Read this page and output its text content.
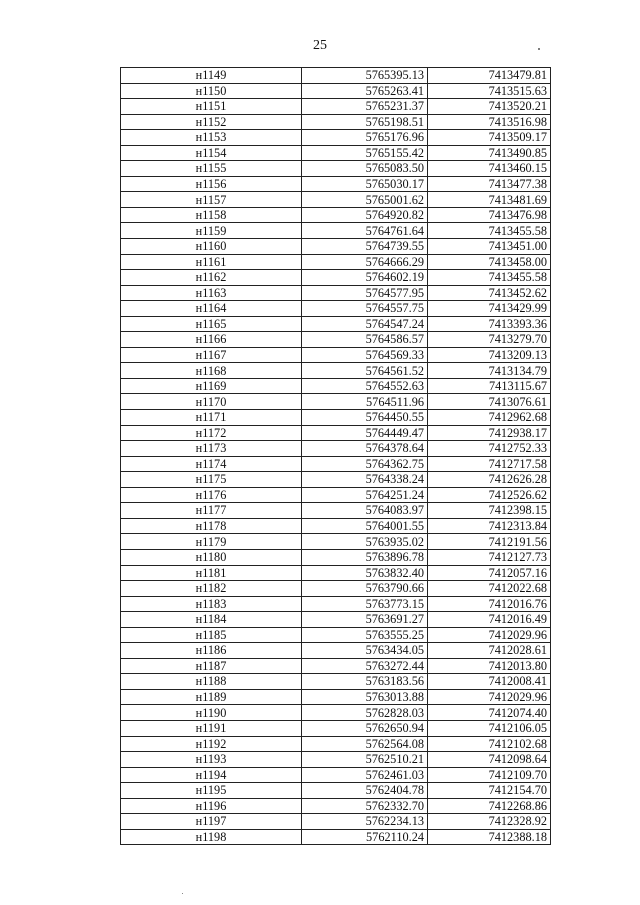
25
н1149	5765395.13	7413479.81
н1150	5765263.41	7413515.63
н1151	5765231.37	7413520.21
н1152	5765198.51	7413516.98
н1153	5765176.96	7413509.17
н1154	5765155.42	7413490.85
н1155	5765083.50	7413460.15
н1156	5765030.17	7413477.38
н1157	5765001.62	7413481.69
н1158	5764920.82	7413476.98
н1159	5764761.64	7413455.58
н1160	5764739.55	7413451.00
н1161	5764666.29	7413458.00
н1162	5764602.19	7413455.58
н1163	5764577.95	7413452.62
н1164	5764557.75	7413429.99
н1165	5764547.24	7413393.36
н1166	5764586.57	7413279.70
н1167	5764569.33	7413209.13
н1168	5764561.52	7413134.79
н1169	5764552.63	7413115.67
н1170	5764511.96	7413076.61
н1171	5764450.55	7412962.68
н1172	5764449.47	7412938.17
н1173	5764378.64	7412752.33
н1174	5764362.75	7412717.58
н1175	5764338.24	7412626.28
н1176	5764251.24	7412526.62
н1177	5764083.97	7412398.15
н1178	5764001.55	7412313.84
н1179	5763935.02	7412191.56
н1180	5763896.78	7412127.73
н1181	5763832.40	7412057.16
н1182	5763790.66	7412022.68
н1183	5763773.15	7412016.76
н1184	5763691.27	7412016.49
н1185	5763555.25	7412029.96
н1186	5763434.05	7412028.61
н1187	5763272.44	7412013.80
н1188	5763183.56	7412008.41
н1189	5763013.88	7412029.96
н1190	5762828.03	7412074.40
н1191	5762650.94	7412106.05
н1192	5762564.08	7412102.68
н1193	5762510.21	7412098.64
н1194	5762461.03	7412109.70
н1195	5762404.78	7412154.70
н1196	5762332.70	7412268.86
н1197	5762234.13	7412328.92
н1198	5762110.24	7412388.18
